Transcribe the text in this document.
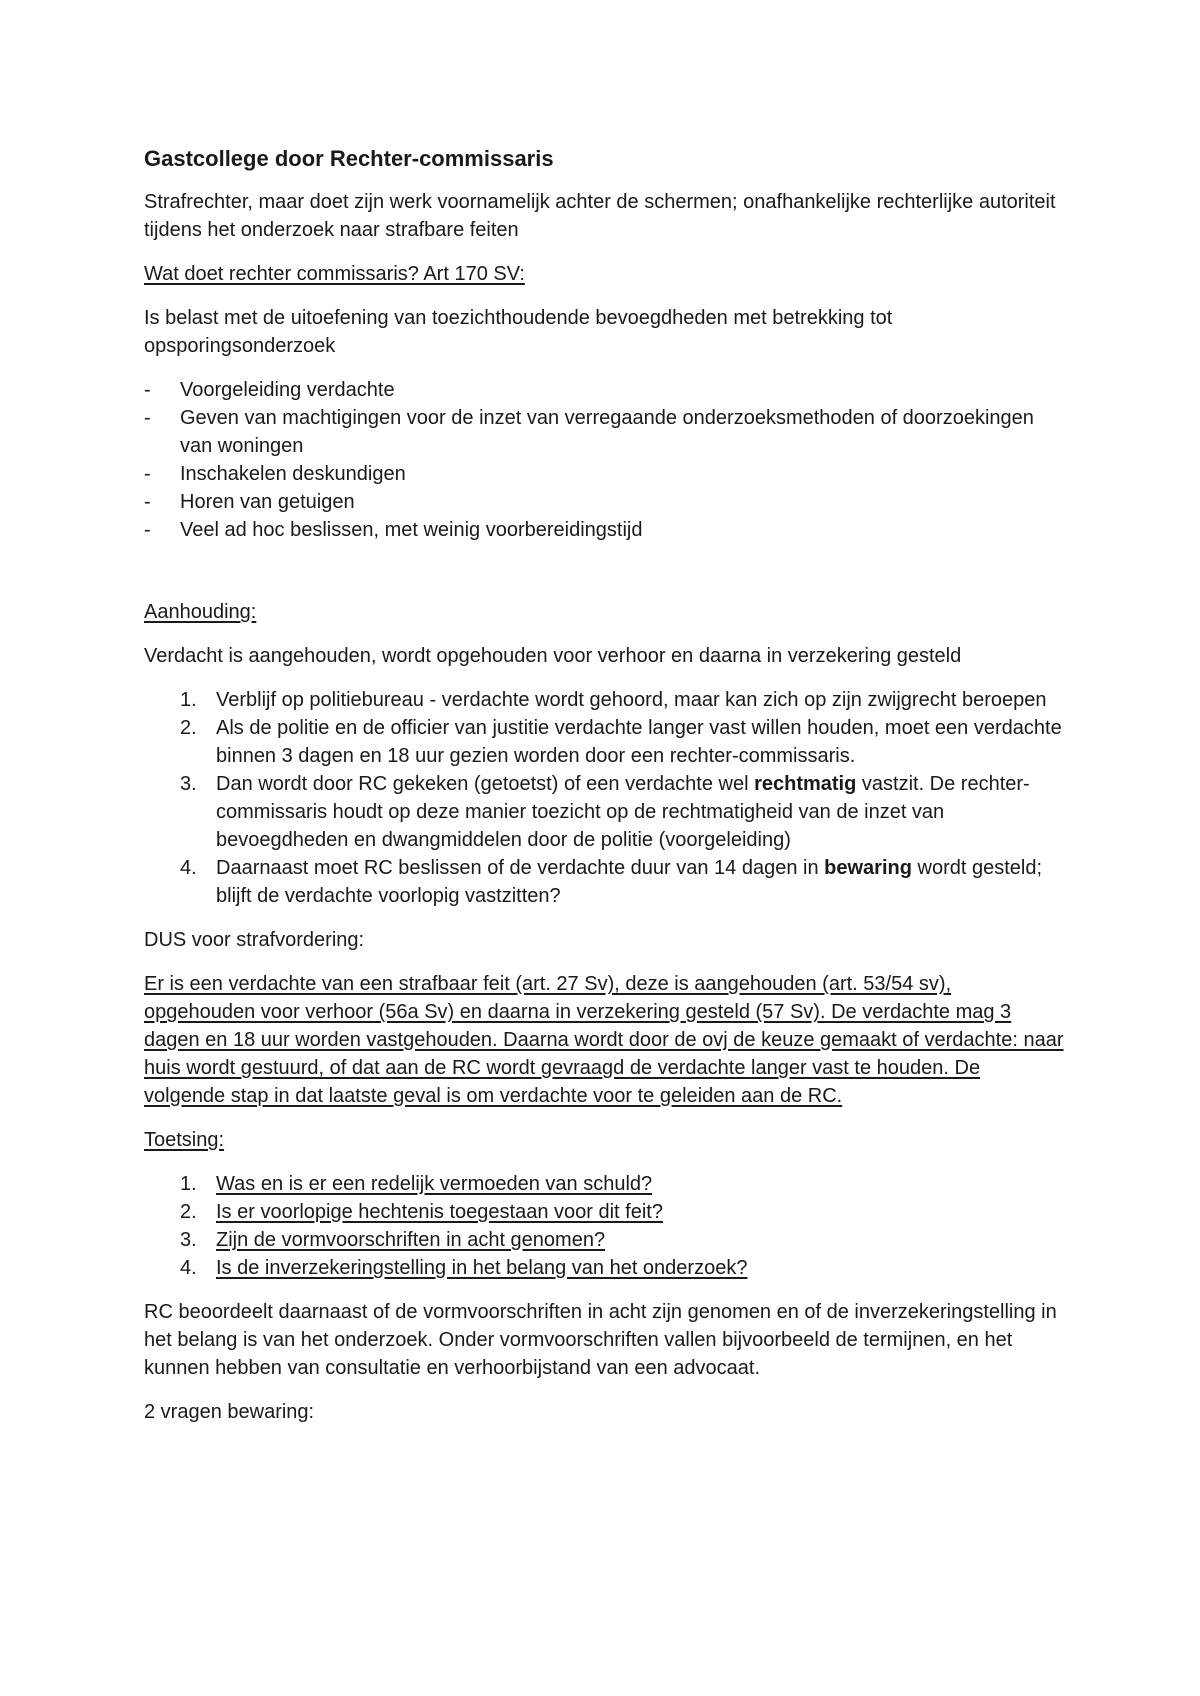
Gastcollege door Rechter-commissaris

Strafrechter, maar doet zijn werk voornamelijk achter de schermen; onafhankelijke rechterlijke autoriteit tijdens het onderzoek naar strafbare feiten

Wat doet rechter commissaris? Art 170 SV:

Is belast met de uitoefening van toezichthoudende bevoegdheden met betrekking tot opsporingsonderzoek

- Voorgeleiding verdachte
- Geven van machtigingen voor de inzet van verregaande onderzoeksmethoden of doorzoekingen van woningen
- Inschakelen deskundigen
- Horen van getuigen
- Veel ad hoc beslissen, met weinig voorbereidingstijd

Aanhouding:

Verdacht is aangehouden, wordt opgehouden voor verhoor en daarna in verzekering gesteld

1. Verblijf op politiebureau - verdachte wordt gehoord, maar kan zich op zijn zwijgrecht beroepen
2. Als de politie en de officier van justitie verdachte langer vast willen houden, moet een verdachte binnen 3 dagen en 18 uur gezien worden door een rechter-commissaris.
3. Dan wordt door RC gekeken (getoetst) of een verdachte wel rechtmatig vastzit. De rechter-commissaris houdt op deze manier toezicht op de rechtmatigheid van de inzet van bevoegdheden en dwangmiddelen door de politie (voorgeleiding)
4. Daarnaast moet RC beslissen of de verdachte duur van 14 dagen in bewaring wordt gesteld; blijft de verdachte voorlopig vastzitten?

DUS voor strafvordering:

Er is een verdachte van een strafbaar feit (art. 27 Sv), deze is aangehouden (art. 53/54 sv), opgehouden voor verhoor (56a Sv) en daarna in verzekering gesteld (57 Sv). De verdachte mag 3 dagen en 18 uur worden vastgehouden. Daarna wordt door de ovj de keuze gemaakt of verdachte: naar huis wordt gestuurd, of dat aan de RC wordt gevraagd de verdachte langer vast te houden. De volgende stap in dat laatste geval is om verdachte voor te geleiden aan de RC.

Toetsing:

1. Was en is er een redelijk vermoeden van schuld?
2. Is er voorlopige hechtenis toegestaan voor dit feit?
3. Zijn de vormvoorschriften in acht genomen?
4. Is de inverzekeringstelling in het belang van het onderzoek?

RC beoordeelt daarnaast of de vormvoorschriften in acht zijn genomen en of de inverzekeringstelling in het belang is van het onderzoek. Onder vormvoorschriften vallen bijvoorbeeld de termijnen, en het kunnen hebben van consultatie en verhoorbijstand van een advocaat.

2 vragen bewaring:
